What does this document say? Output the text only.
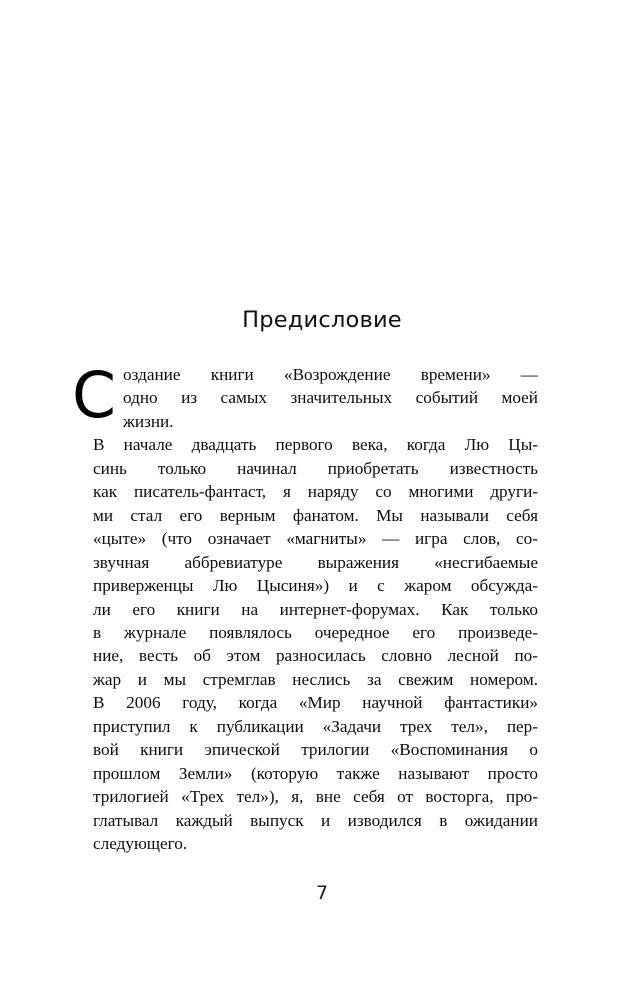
Предисловие

С оздание книги «Возрождение времени» —
одно из самых значительных событий моей
жизни.

В начале двадцать первого века, когда Лю Цы-
синь только начинал приобретать известность
как писатель-фантаст, я наряду со многими други-
ми стал его верным фанатом. Мы называли себя
«цыте» (что означает «магниты» — игра слов, со-
звучная аббревиатуре выражения «несгибаемые
приверженцы Лю Цысиня») и с жаром обсужда-
ли его книги на интернет-форумах. Как только
в журнале появлялось очередное его произведе-
ние, весть об этом разносилась словно лесной по-
жар и мы стремглав неслись за свежим номером.
В 2006 году, когда «Мир научной фантастики»
приступил к публикации «Задачи трех тел», пер-
вой книги эпической трилогии «Воспоминания о
прошлом Земли» (которую также называют просто
трилогией «Трех тел»), я, вне себя от восторга, про-
глатывал каждый выпуск и изводился в ожидании
следующего.

7
